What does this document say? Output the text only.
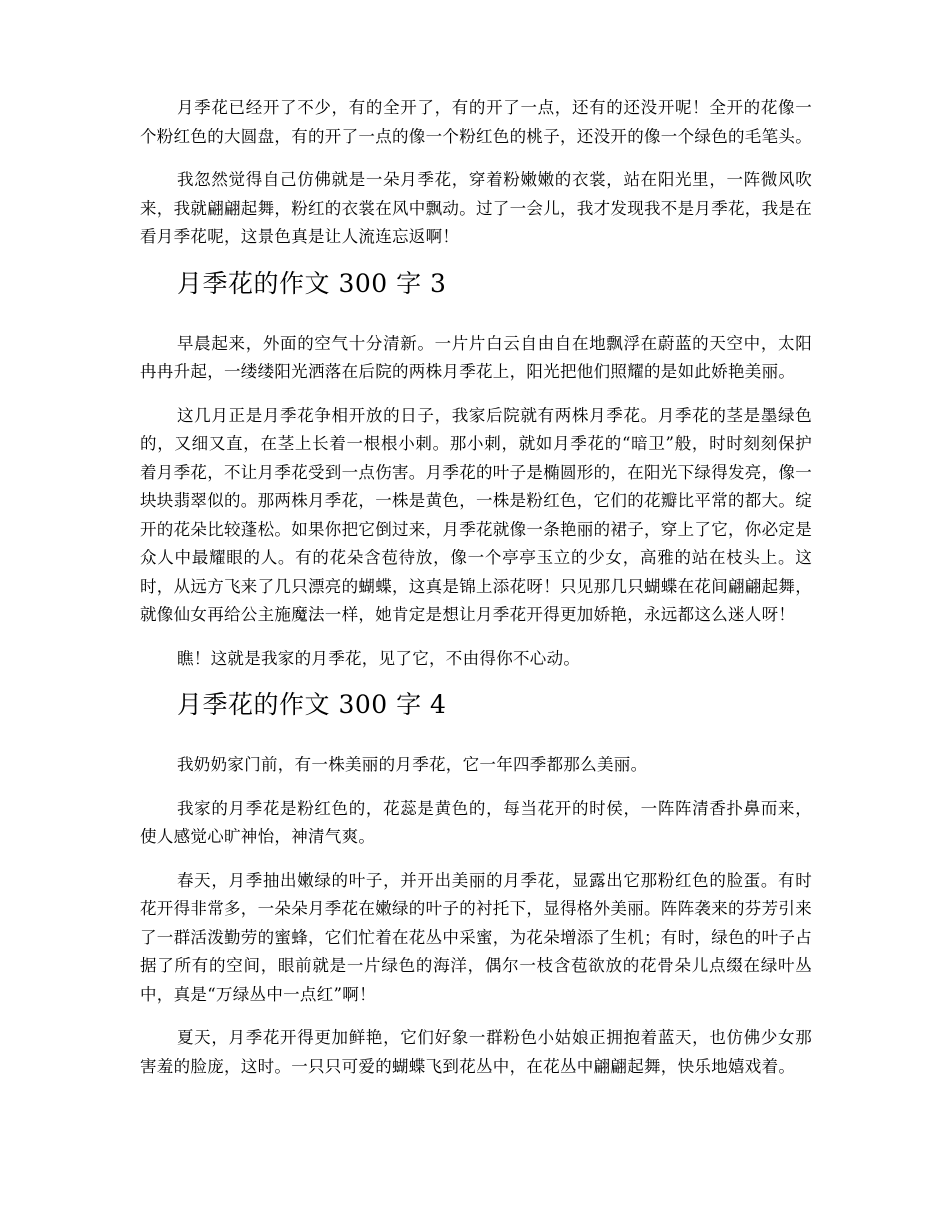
月季花已经开了不少，有的全开了，有的开了一点，还有的还没开呢！全开的花像一个粉红色的大圆盘，有的开了一点的像一个粉红色的桃子，还没开的像一个绿色的毛笔头。

我忽然觉得自己仿佛就是一朵月季花，穿着粉嫩嫩的衣裳，站在阳光里，一阵微风吹来，我就翩翩起舞，粉红的衣裳在风中飘动。过了一会儿，我才发现我不是月季花，我是在看月季花呢，这景色真是让人流连忘返啊！

月季花的作文 300 字 3

早晨起来，外面的空气十分清新。一片片白云自由自在地飘浮在蔚蓝的天空中，太阳冉冉升起，一缕缕阳光洒落在后院的两株月季花上，阳光把他们照耀的是如此娇艳美丽。

这几月正是月季花争相开放的日子，我家后院就有两株月季花。月季花的茎是墨绿色的，又细又直，在茎上长着一根根小刺。那小刺，就如月季花的“暗卫”般，时时刻刻保护着月季花，不让月季花受到一点伤害。月季花的叶子是椭圆形的，在阳光下绿得发亮，像一块块翡翠似的。那两株月季花，一株是黄色，一株是粉红色，它们的花瓣比平常的都大。绽开的花朵比较蓬松。如果你把它倒过来，月季花就像一条艳丽的裙子，穿上了它，你必定是众人中最耀眼的人。有的花朵含苞待放，像一个亭亭玉立的少女，高雅的站在枝头上。这时，从远方飞来了几只漂亮的蝴蝶，这真是锦上添花呀！只见那几只蝴蝶在花间翩翩起舞，就像仙女再给公主施魔法一样，她肯定是想让月季花开得更加娇艳，永远都这么迷人呀！

瞧！这就是我家的月季花，见了它，不由得你不心动。

月季花的作文 300 字 4

我奶奶家门前，有一株美丽的月季花，它一年四季都那么美丽。

我家的月季花是粉红色的，花蕊是黄色的，每当花开的时侯，一阵阵清香扑鼻而来，使人感觉心旷神怡，神清气爽。

春天，月季抽出嫩绿的叶子，并开出美丽的月季花，显露出它那粉红色的脸蛋。有时花开得非常多，一朵朵月季花在嫩绿的叶子的衬托下，显得格外美丽。阵阵袭来的芬芳引来了一群活泼勤劳的蜜蜂，它们忙着在花丛中采蜜，为花朵增添了生机；有时，绿色的叶子占据了所有的空间，眼前就是一片绿色的海洋，偶尔一枝含苞欲放的花骨朵儿点缀在绿叶丛中，真是“万绿丛中一点红”啊！

夏天，月季花开得更加鲜艳，它们好象一群粉色小姑娘正拥抱着蓝天，也仿佛少女那害羞的脸庞，这时。一只只可爱的蝴蝶飞到花丛中，在花丛中翩翩起舞，快乐地嬉戏着。
